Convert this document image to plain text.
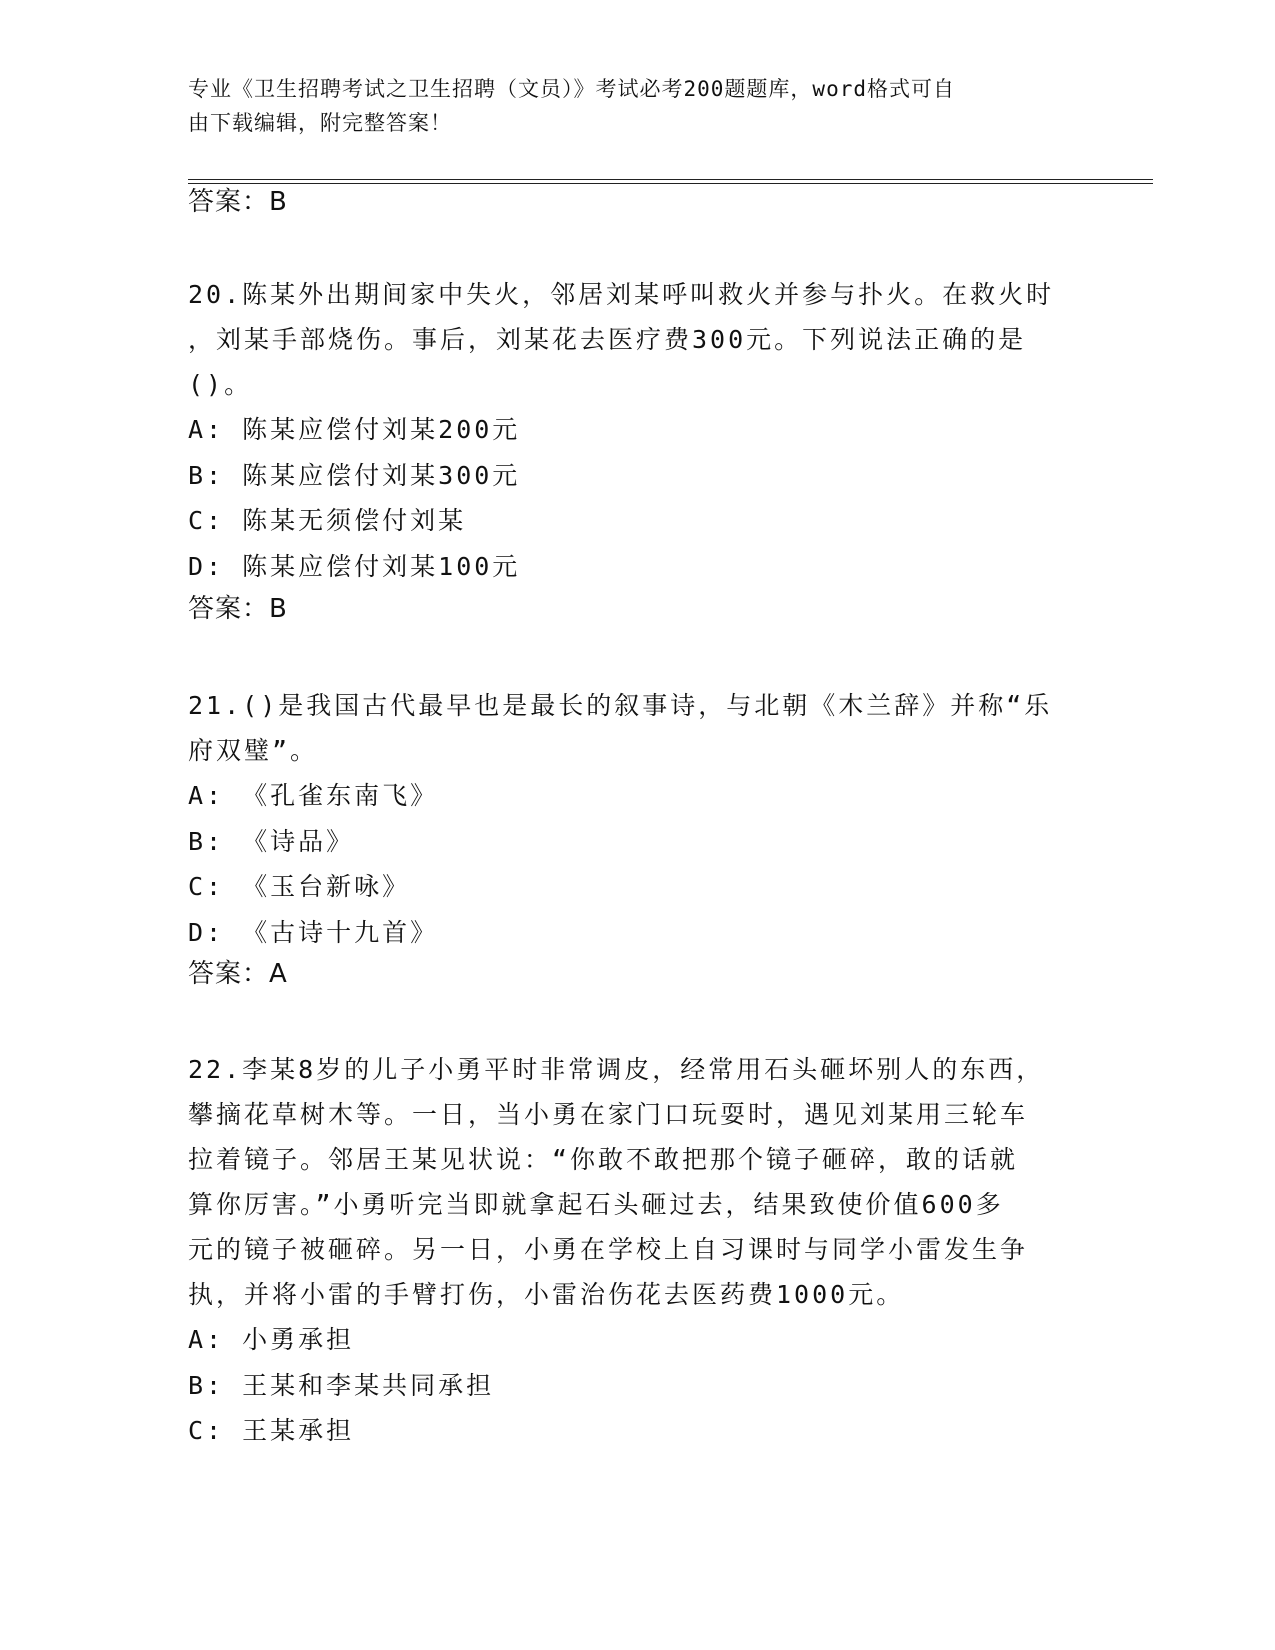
专业《卫生招聘考试之卫生招聘（文员）》考试必考200题题库，word格式可自
由下载编辑，附完整答案！
答案：B

20.陈某外出期间家中失火，邻居刘某呼叫救火并参与扑火。在救火时

，刘某手部烧伤。事后，刘某花去医疗费300元。下列说法正确的是

()。

A: 陈某应偿付刘某200元

B: 陈某应偿付刘某300元

C: 陈某无须偿付刘某

D: 陈某应偿付刘某100元

答案：B

21.()是我国古代最早也是最长的叙事诗，与北朝《木兰辞》并称“乐

府双璧”。

A: 《孔雀东南飞》

B: 《诗品》

C: 《玉台新咏》

D: 《古诗十九首》

答案：A

22.李某8岁的儿子小勇平时非常调皮，经常用石头砸坏别人的东西，

攀摘花草树木等。一日，当小勇在家门口玩耍时，遇见刘某用三轮车

拉着镜子。邻居王某见状说：“你敢不敢把那个镜子砸碎，敢的话就

算你厉害。”小勇听完当即就拿起石头砸过去，结果致使价值600多

元的镜子被砸碎。另一日，小勇在学校上自习课时与同学小雷发生争

执，并将小雷的手臂打伤，小雷治伤花去医药费1000元。

A: 小勇承担

B: 王某和李某共同承担

C: 王某承担
